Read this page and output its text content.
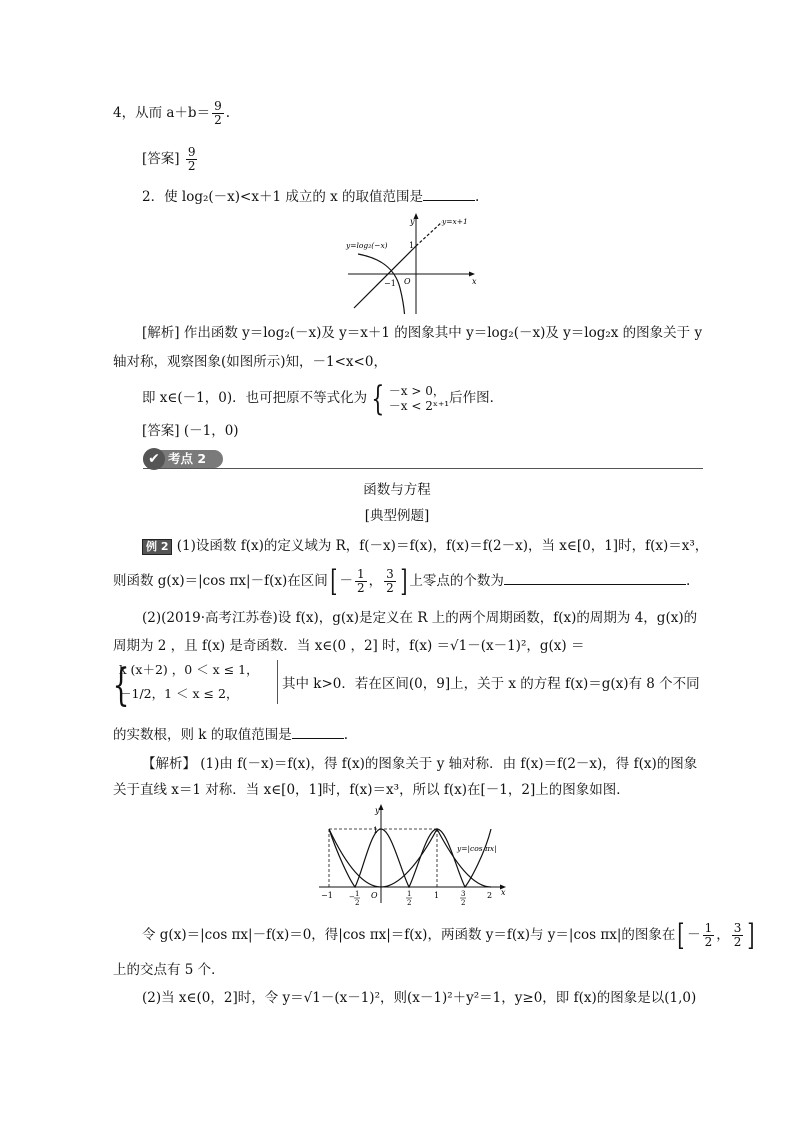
4，从而 $a+b= \frac{9}{2}$ .
[答案] $\frac{9}{2}$
2．使 log₂(－x)<x＋1 成立的 x 的取值范围是	.
y
x
O
y=x+1
y=log₂(−x)	1
−1
[解析] 作出函数 y＝log₂(－x)及 y＝x＋1 的图象其中 y＝log₂(－x)及 y＝log₂x 的图象关于 y
轴对称，观察图象(如图所示)知，－1<x<0，
即 x∈(－1，0)．也可把原不等式化为 { －x > 0，
－x < 2ˣ⁺¹ 后作图．
[答案] (－1，0)
✔ 考点 2
函数与方程
[典型例题]
例 2 (1)设函数 f(x)的定义域为 R，f(－x)＝f(x)，f(x)＝f(2－x)，当 x∈[0，1]时，f(x)＝x³，
则函数 g(x)＝|cos πx|－f(x)在区间[ － $\frac{1}{2}$ ， $\frac{3}{2}$ ] 上零点的个数为	.
(2)(2019·高考江苏卷)设 f(x)，g(x)是定义在 R 上的两个周期函数，f(x)的周期为 4，g(x)的
周期为 2 ，且 f(x) 是奇函数．当 x∈(0 ，2] 时，f(x) ＝√1－(x－1)²，g(x) ＝
{
k (x＋2) ，0 ＜ x ≤ 1，
－1/2，1 ＜ x ≤ 2，
其中 k>0．若在区间(0，9]上，关于 x 的方程 f(x)＝g(x)有 8 个不同
的实数根，则 k 的取值范围是	.
【解析】 (1)由 f(－x)＝f(x)，得 f(x)的图象关于 y 轴对称．由 f(x)＝f(2－x)，得 f(x)的图象
关于直线 x＝1 对称．当 x∈[0，1]时，f(x)＝x³，所以 f(x)在[－1，2]上的图象如图．
y
x
O
y=|cos πx|
1
−1	1	2
− 1
2
1
2
3
2
令 g(x)＝|cos πx|－f(x)＝0，得|cos πx|＝f(x)，两函数 y＝f(x)与 y＝|cos πx|的图象在[ － $\frac{1}{2}$ ， $\frac{3}{2}$ ]
上的交点有 5 个．
(2)当 x∈(0，2]时，令 y＝√1－(x－1)²，则(x－1)²＋y²＝1，y≥0，即 f(x)的图象是以(1,0)
